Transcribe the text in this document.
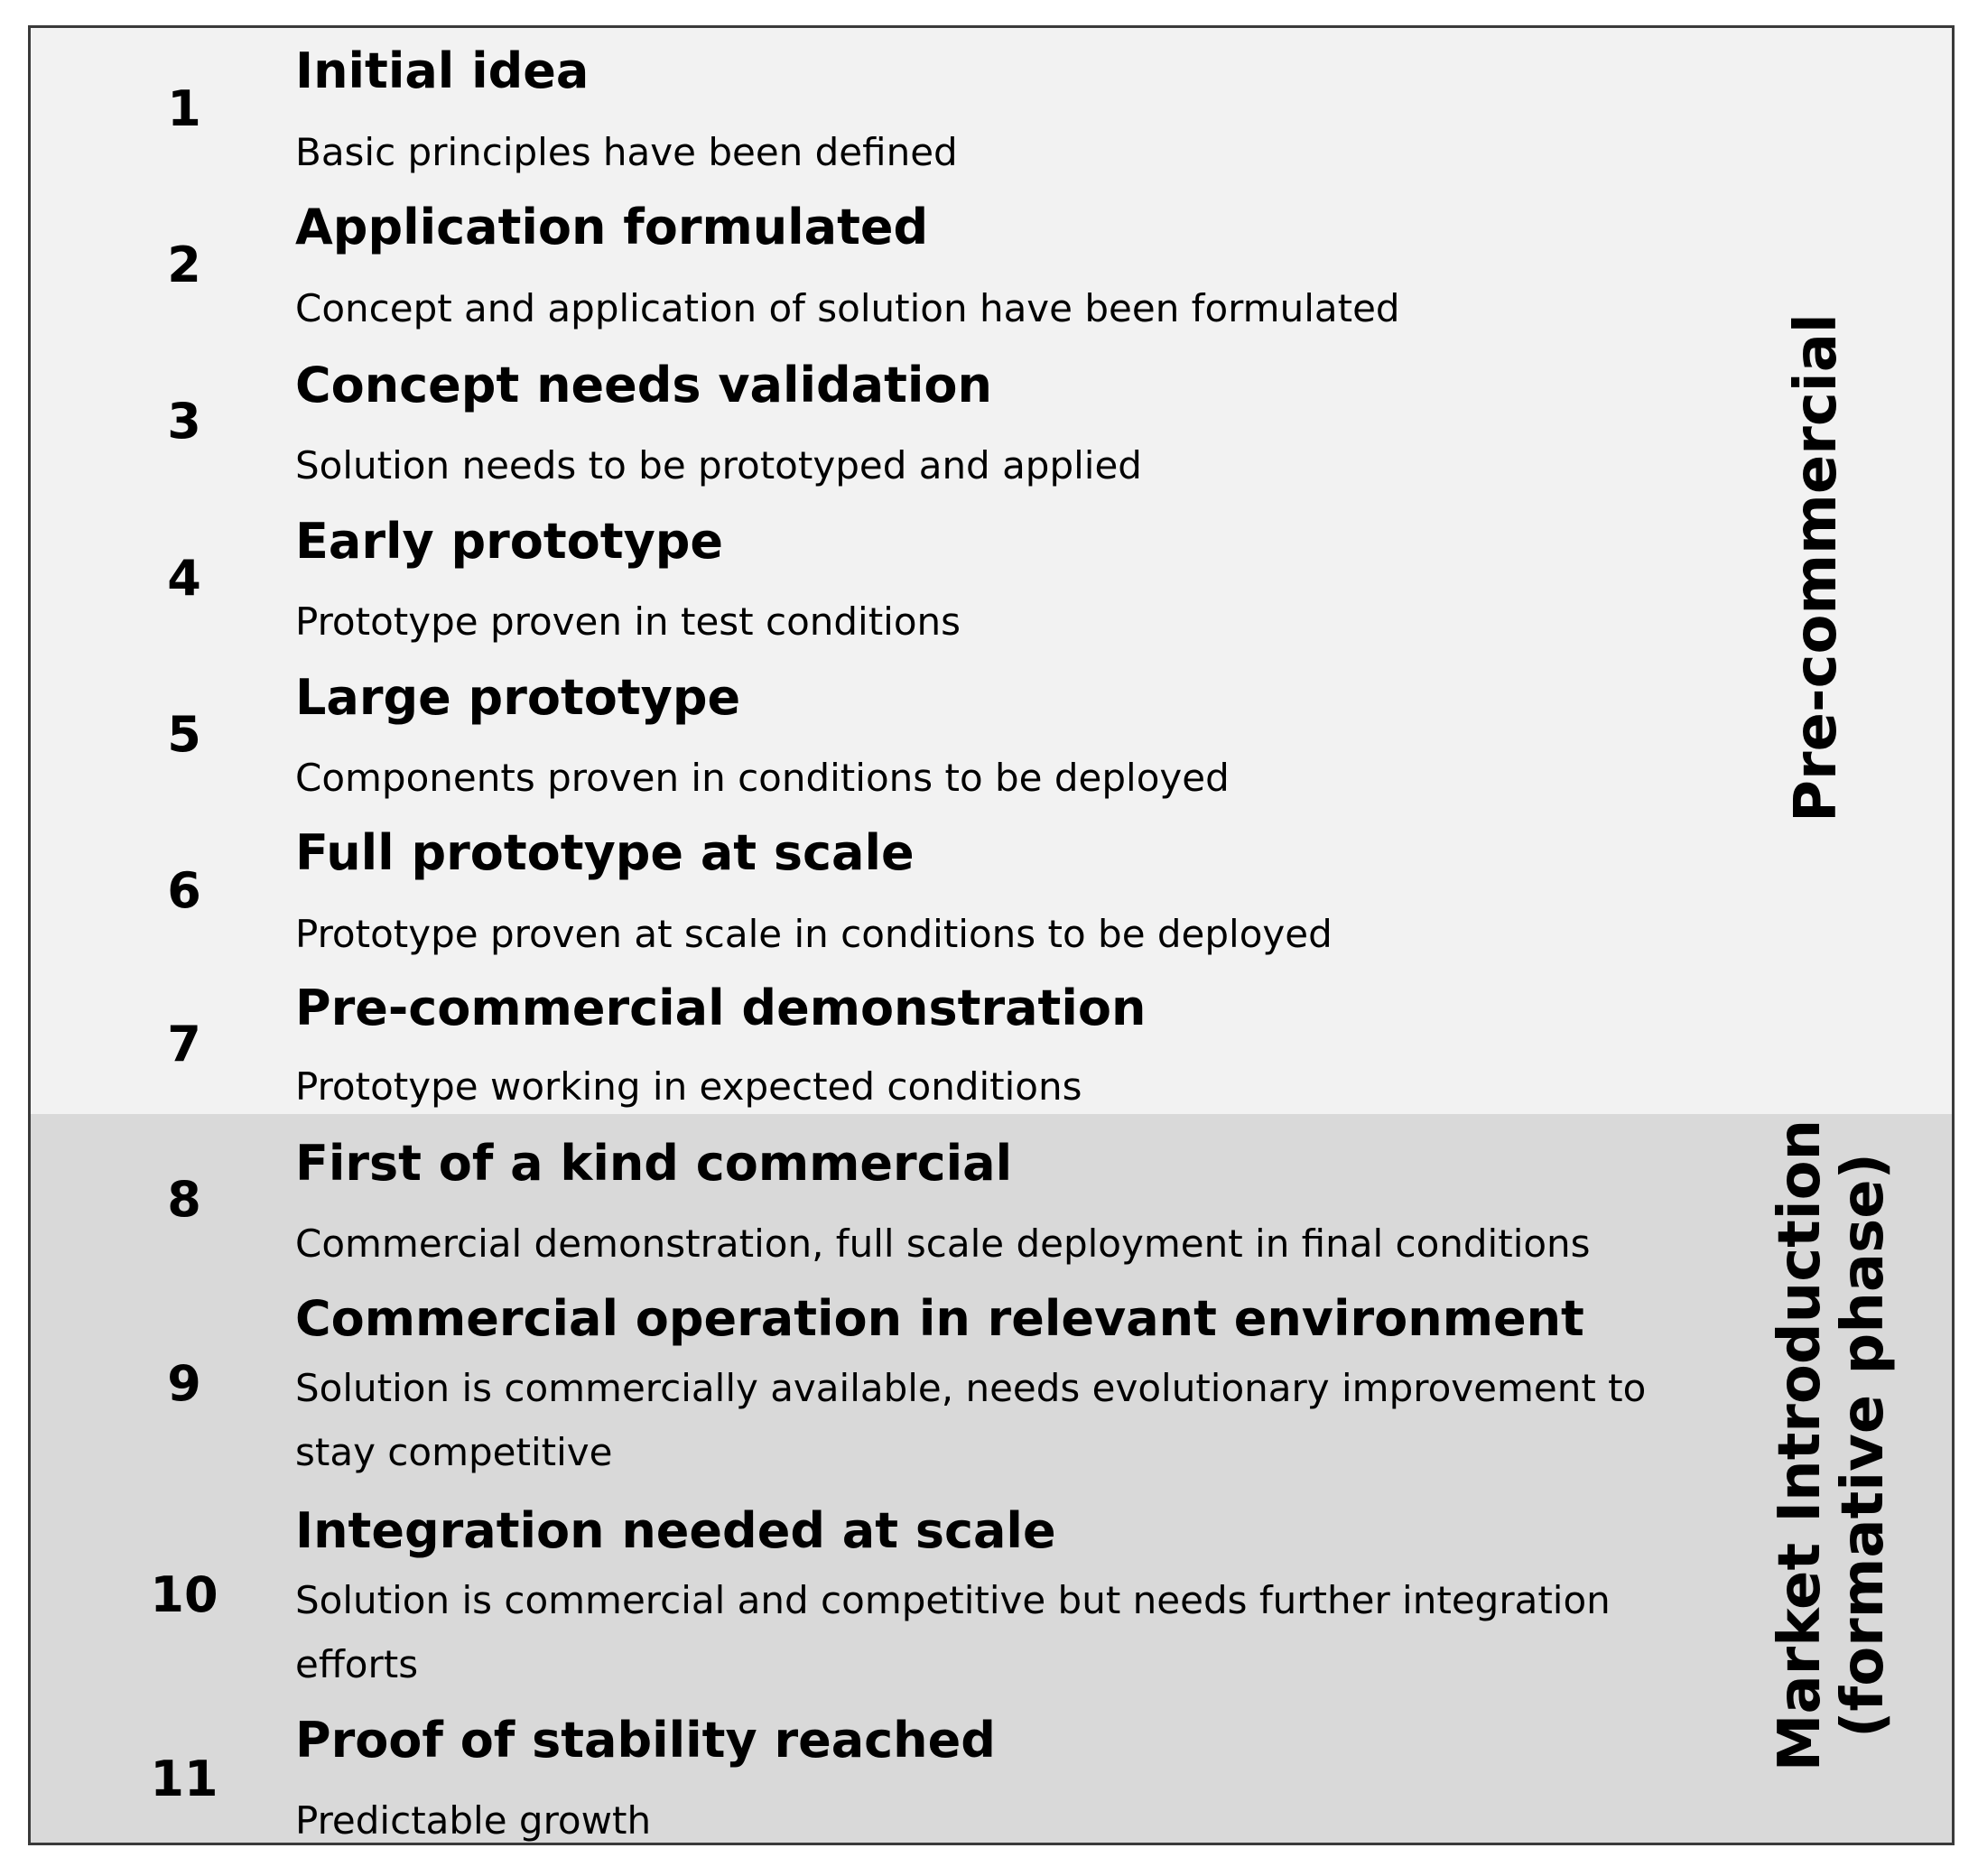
1
Initial idea
Basic principles have been defined
2
Application formulated
Concept and application of solution have been formulated
3
Concept needs validation
Solution needs to be prototyped and applied
4
Early prototype
Prototype proven in test conditions
5
Large prototype
Components proven in conditions to be deployed
6
Full prototype at scale
Prototype proven at scale in conditions to be deployed
7
Pre-commercial demonstration
Prototype working in expected conditions
8
First of a kind commercial
Commercial demonstration, full scale deployment in final conditions
9
Commercial operation in relevant environment
Solution is commercially available, needs evolutionary improvement to stay competitive
10
Integration needed at scale
Solution is commercial and competitive but needs further integration efforts
11
Proof of stability reached
Predictable growth
Pre-commercial
Market Introduction
(formative phase)
